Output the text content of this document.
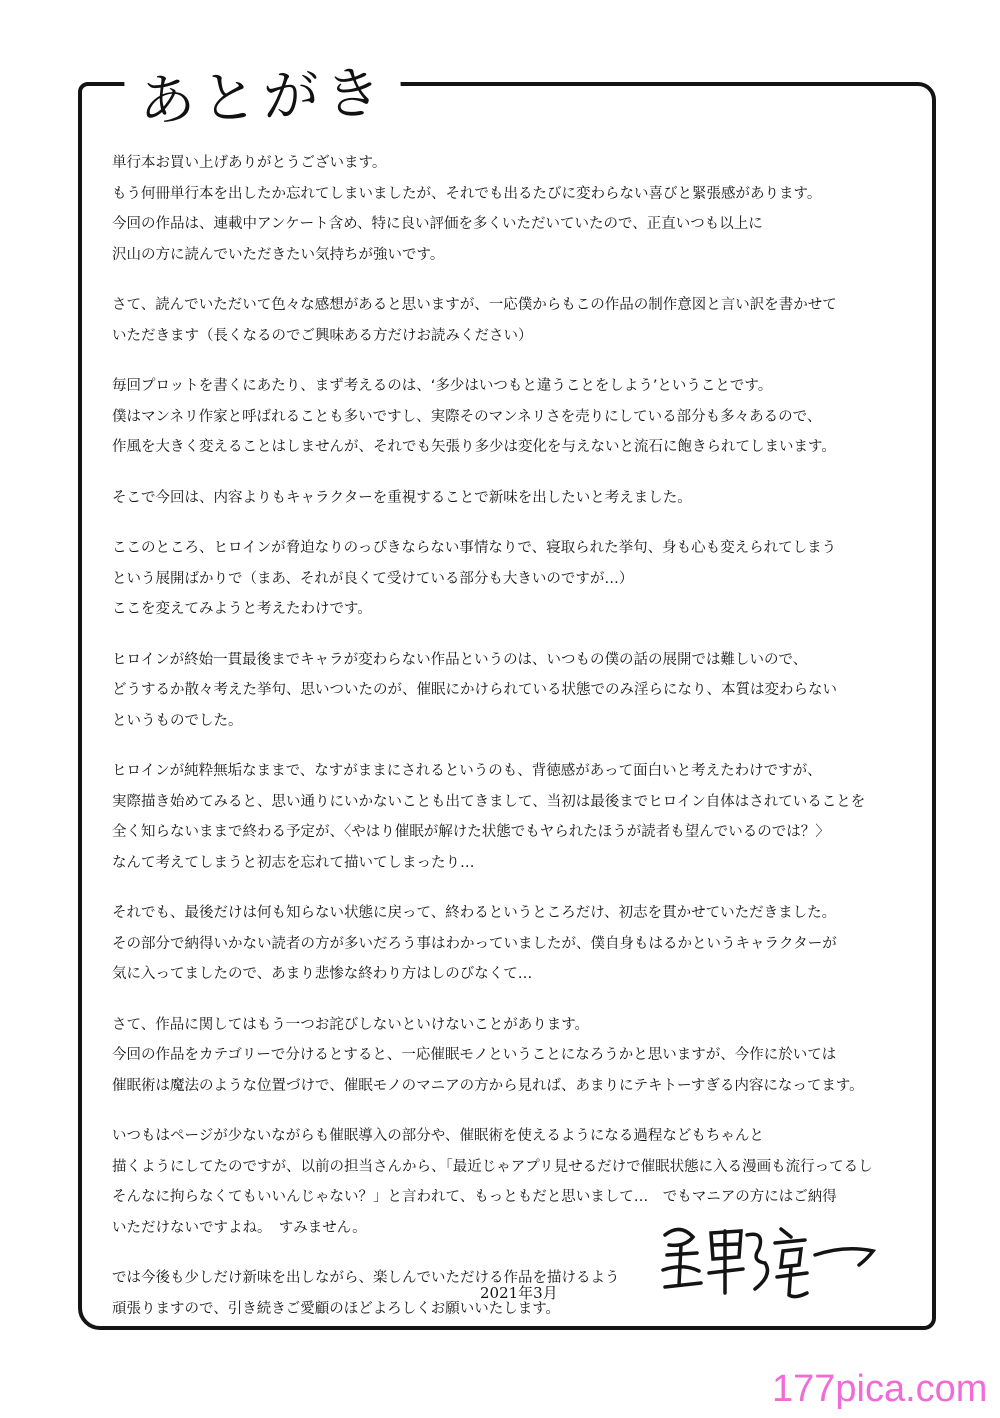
あとがき
単行本お買い上げありがとうございます。
もう何冊単行本を出したか忘れてしまいましたが、それでも出るたびに変わらない喜びと緊張感があります。
今回の作品は、連載中アンケート含め、特に良い評価を多くいただいていたので、正直いつも以上に
沢山の方に読んでいただきたい気持ちが強いです。
さて、読んでいただいて色々な感想があると思いますが、一応僕からもこの作品の制作意図と言い訳を書かせて
いただきます（長くなるのでご興味ある方だけお読みください）
毎回プロットを書くにあたり、まず考えるのは、‘多少はいつもと違うことをしよう’ということです。
僕はマンネリ作家と呼ばれることも多いですし、実際そのマンネリさを売りにしている部分も多々あるので、
作風を大きく変えることはしませんが、それでも矢張り多少は変化を与えないと流石に飽きられてしまいます。
そこで今回は、内容よりもキャラクターを重視することで新味を出したいと考えました。
ここのところ、ヒロインが脅迫なりのっぴきならない事情なりで、寝取られた挙句、身も心も変えられてしまう
という展開ばかりで（まあ、それが良くて受けている部分も大きいのですが…）
ここを変えてみようと考えたわけです。
ヒロインが終始一貫最後までキャラが変わらない作品というのは、いつもの僕の話の展開では難しいので、
どうするか散々考えた挙句、思いついたのが、催眠にかけられている状態でのみ淫らになり、本質は変わらない
というものでした。
ヒロインが純粋無垢なままで、なすがままにされるというのも、背徳感があって面白いと考えたわけですが、
実際描き始めてみると、思い通りにいかないことも出てきまして、当初は最後までヒロイン自体はされていることを
全く知らないままで終わる予定が、〈やはり催眠が解けた状態でもヤられたほうが読者も望んでいるのでは？〉
なんて考えてしまうと初志を忘れて描いてしまったり…
それでも、最後だけは何も知らない状態に戻って、終わるというところだけ、初志を貫かせていただきました。
その部分で納得いかない読者の方が多いだろう事はわかっていましたが、僕自身もはるかというキャラクターが
気に入ってましたので、あまり悲惨な終わり方はしのびなくて…
さて、作品に関してはもう一つお詫びしないといけないことがあります。
今回の作品をカテゴリーで分けるとすると、一応催眠モノということになろうかと思いますが、今作に於いては
催眠術は魔法のような位置づけで、催眠モノのマニアの方から見れば、あまりにテキトーすぎる内容になってます。
いつもはページが少ないながらも催眠導入の部分や、催眠術を使えるようになる過程などもちゃんと
描くようにしてたのですが、以前の担当さんから、「最近じゃアプリ見せるだけで催眠状態に入る漫画も流行ってるし
そんなに拘らなくてもいいんじゃない？」と言われて、もっともだと思いまして…　でもマニアの方にはご納得
いただけないですよね。　すみません。
では今後も少しだけ新味を出しながら、楽しんでいただける作品を描けるよう
頑張りますので、引き続きご愛顧のほどよろしくお願いいたします。
2021年3月
177pica.com
